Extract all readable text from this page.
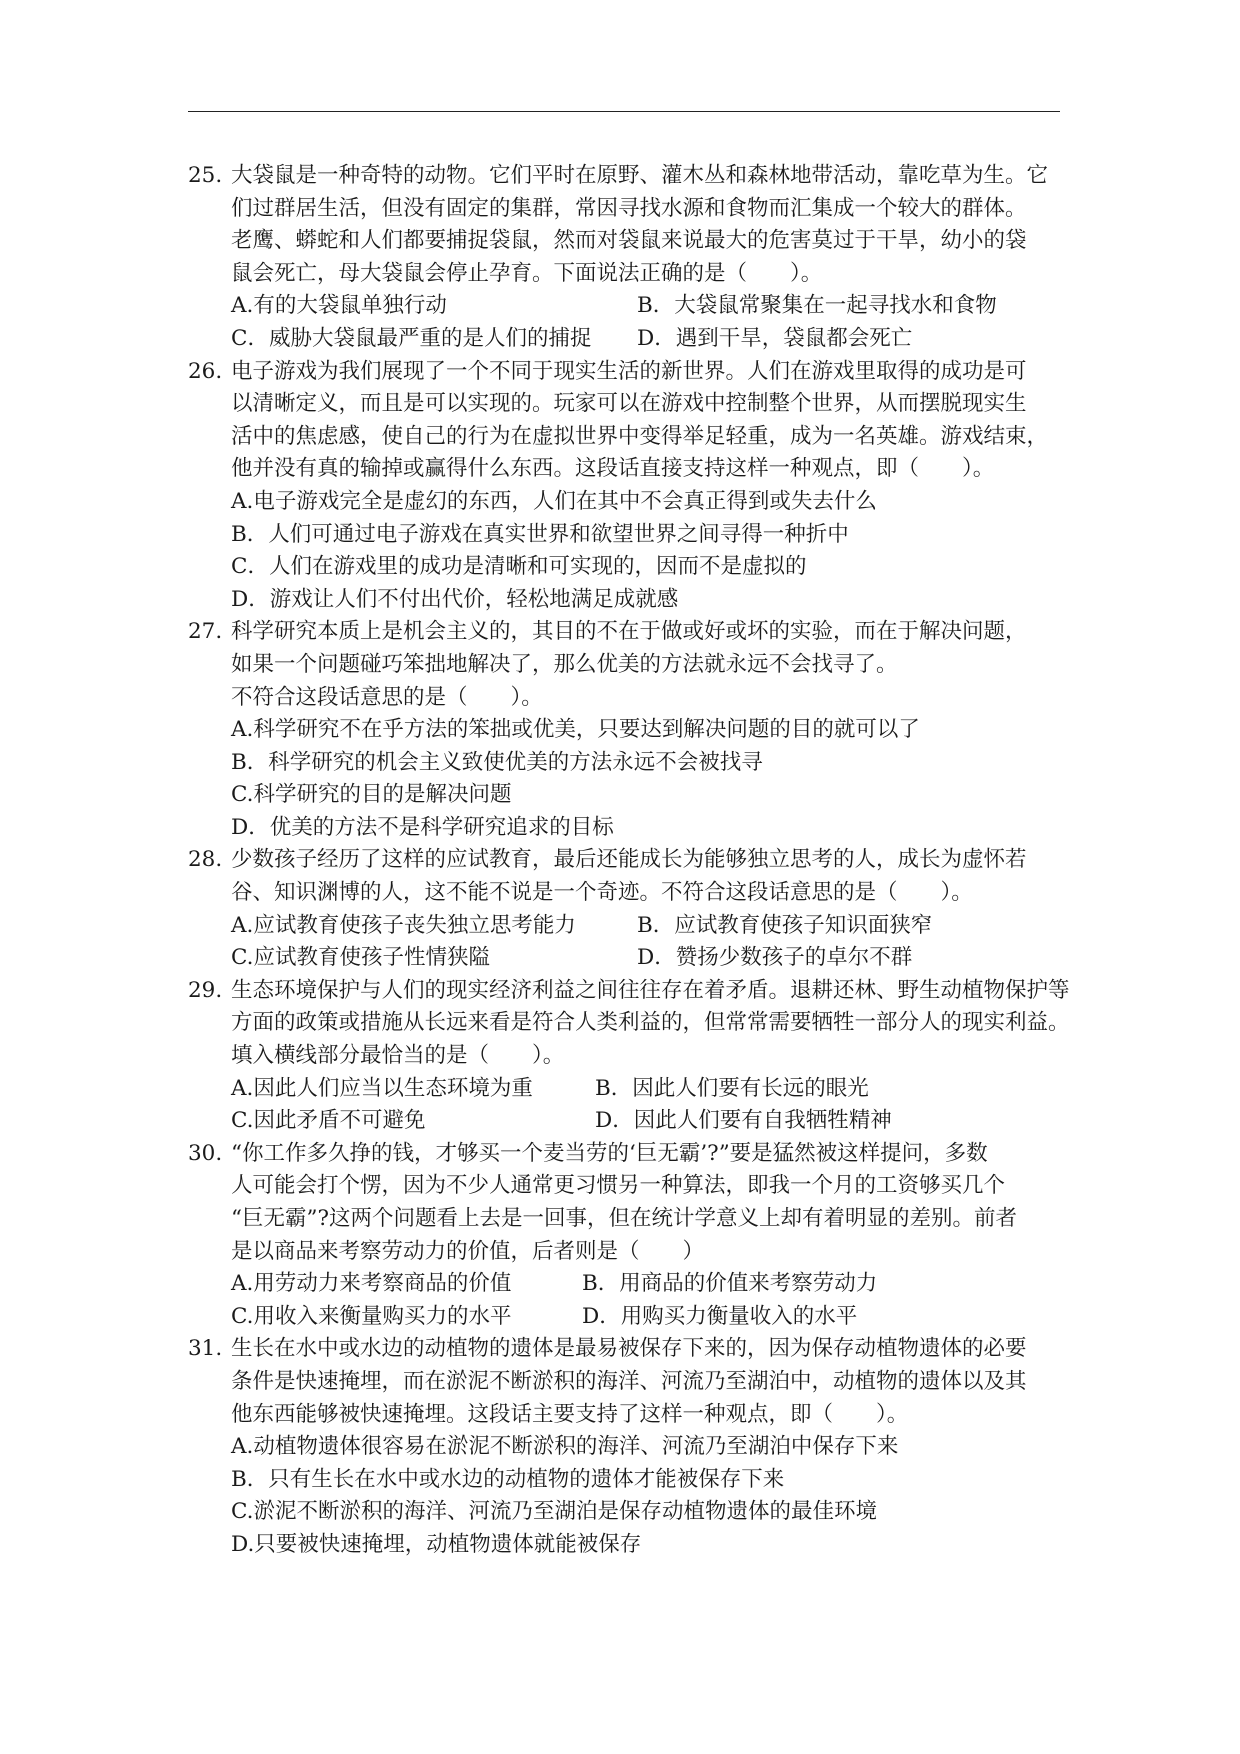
25. 大袋鼠是一种奇特的动物。它们平时在原野、灌木丛和森林地带活动，靠吃草为生。它
们过群居生活，但没有固定的集群，常因寻找水源和食物而汇集成一个较大的群体。
老鹰、蟒蛇和人们都要捕捉袋鼠，然而对袋鼠来说最大的危害莫过于干旱，幼小的袋
鼠会死亡，母大袋鼠会停止孕育。下面说法正确的是（　　）。
A.有的大袋鼠单独行动	B．大袋鼠常聚集在一起寻找水和食物
C．威胁大袋鼠最严重的是人们的捕捉	D．遇到干旱，袋鼠都会死亡
26. 电子游戏为我们展现了一个不同于现实生活的新世界。人们在游戏里取得的成功是可
以清晰定义，而且是可以实现的。玩家可以在游戏中控制整个世界，从而摆脱现实生
活中的焦虑感，使自己的行为在虚拟世界中变得举足轻重，成为一名英雄。游戏结束，
他并没有真的输掉或赢得什么东西。这段话直接支持这样一种观点，即（　　）。
A.电子游戏完全是虚幻的东西，人们在其中不会真正得到或失去什么
B．人们可通过电子游戏在真实世界和欲望世界之间寻得一种折中
C．人们在游戏里的成功是清晰和可实现的，因而不是虚拟的
D．游戏让人们不付出代价，轻松地满足成就感
27. 科学研究本质上是机会主义的，其目的不在于做或好或坏的实验，而在于解决问题，
如果一个问题碰巧笨拙地解决了，那么优美的方法就永远不会找寻了。
不符合这段话意思的是（　　）。
A.科学研究不在乎方法的笨拙或优美，只要达到解决问题的目的就可以了
B．科学研究的机会主义致使优美的方法永远不会被找寻
C.科学研究的目的是解决问题
D．优美的方法不是科学研究追求的目标
28. 少数孩子经历了这样的应试教育，最后还能成长为能够独立思考的人，成长为虚怀若
谷、知识渊博的人，这不能不说是一个奇迹。不符合这段话意思的是（　　）。
A.应试教育使孩子丧失独立思考能力	B．应试教育使孩子知识面狭窄
C.应试教育使孩子性情狭隘	D．赞扬少数孩子的卓尔不群
29. 生态环境保护与人们的现实经济利益之间往往存在着矛盾。退耕还林、野生动植物保护等
方面的政策或措施从长远来看是符合人类利益的，但常常需要牺牲一部分人的现实利益。
填入横线部分最恰当的是（　　）。
A.因此人们应当以生态环境为重	B．因此人们要有长远的眼光
C.因此矛盾不可避免	D．因此人们要有自我牺牲精神
30. “你工作多久挣的钱，才够买一个麦当劳的‘巨无霸’?”要是猛然被这样提问，多数
人可能会打个愣，因为不少人通常更习惯另一种算法，即我一个月的工资够买几个
“巨无霸”?这两个问题看上去是一回事，但在统计学意义上却有着明显的差别。前者
是以商品来考察劳动力的价值，后者则是（　　）
A.用劳动力来考察商品的价值	B．用商品的价值来考察劳动力
C.用收入来衡量购买力的水平	D．用购买力衡量收入的水平
31. 生长在水中或水边的动植物的遗体是最易被保存下来的，因为保存动植物遗体的必要
条件是快速掩埋，而在淤泥不断淤积的海洋、河流乃至湖泊中，动植物的遗体以及其
他东西能够被快速掩埋。这段话主要支持了这样一种观点，即（　　）。
A.动植物遗体很容易在淤泥不断淤积的海洋、河流乃至湖泊中保存下来
B．只有生长在水中或水边的动植物的遗体才能被保存下来
C.淤泥不断淤积的海洋、河流乃至湖泊是保存动植物遗体的最佳环境
D.只要被快速掩埋，动植物遗体就能被保存
